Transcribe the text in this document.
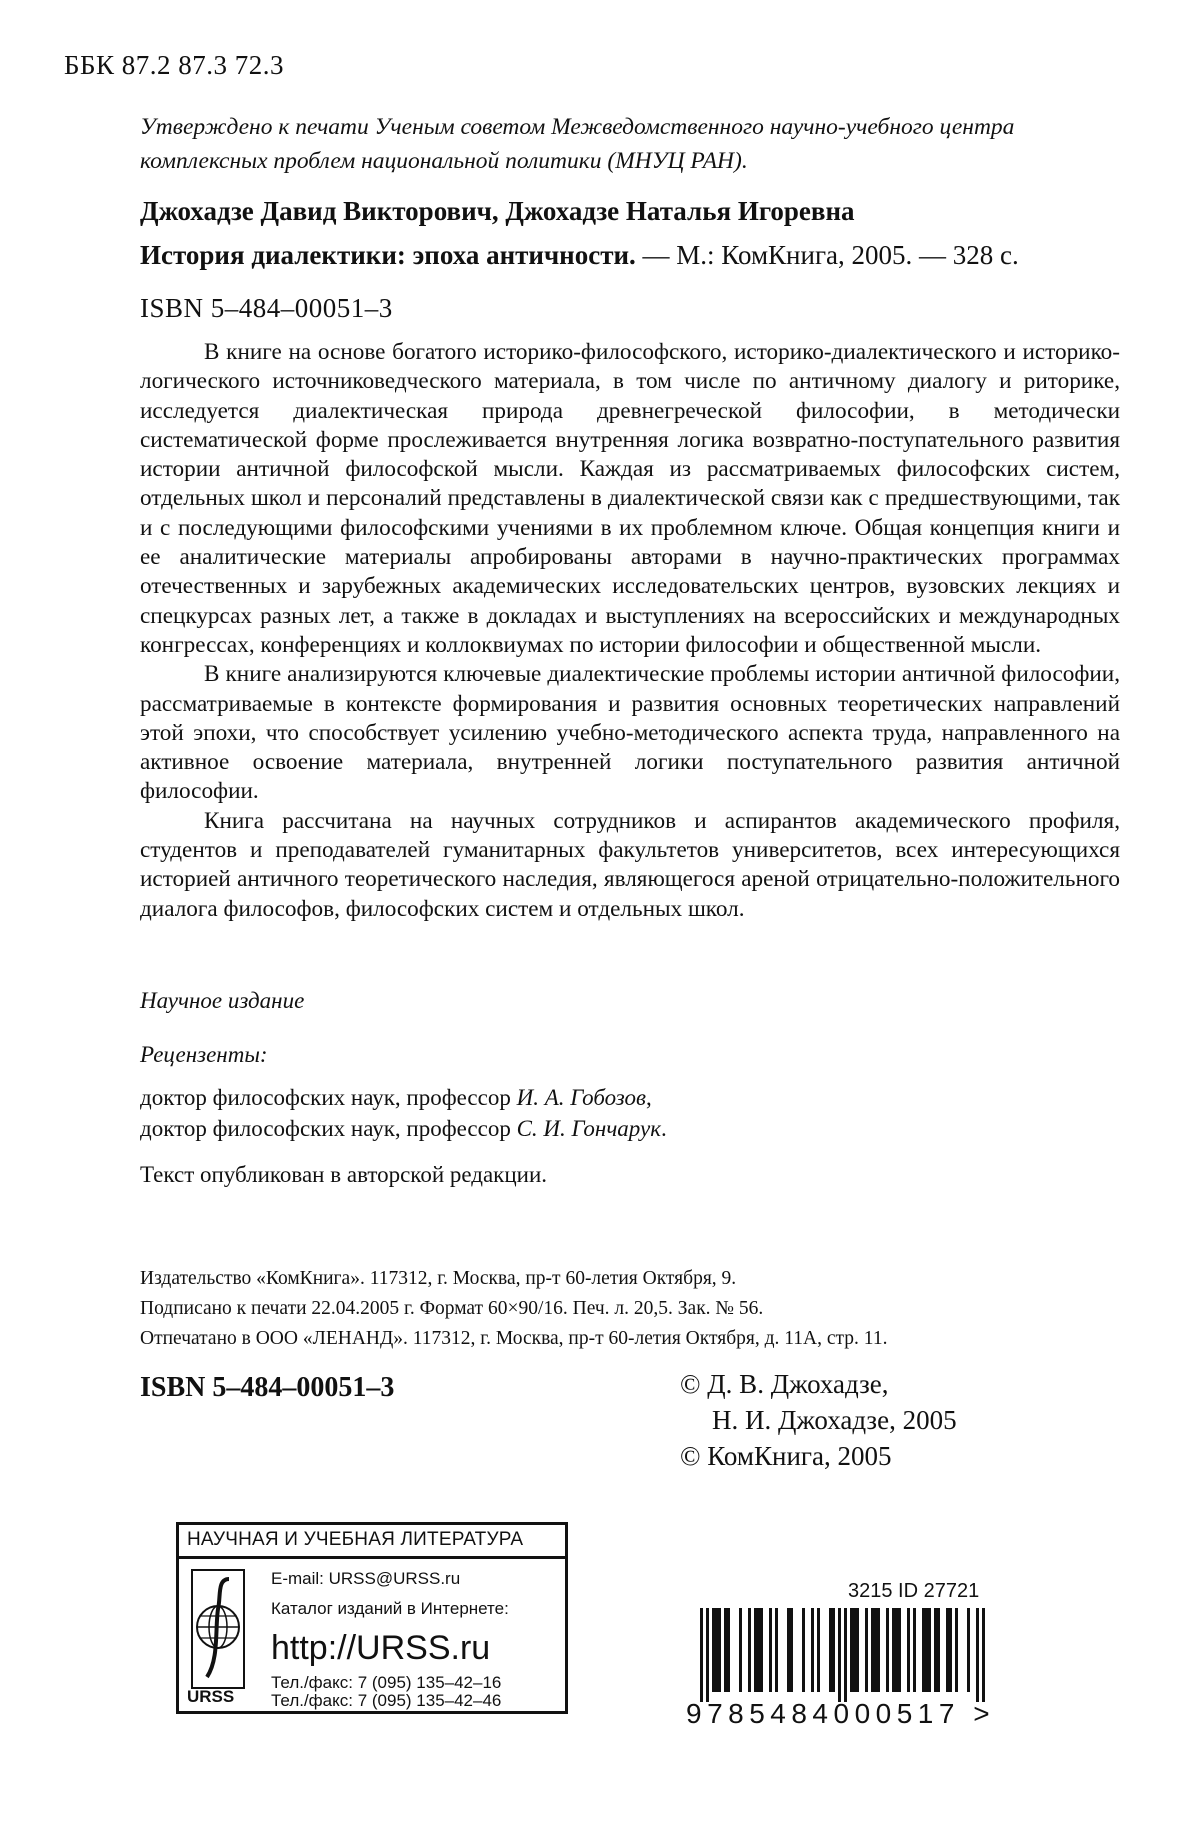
ББК 87.2 87.3 72.3
Утверждено к печати Ученым советом Межведомственного научно-учебного центра комплексных проблем национальной политики (МНУЦ РАН).
Джохадзе Давид Викторович, Джохадзе Наталья Игоревна
История диалектики: эпоха античности. — М.: КомКнига, 2005. — 328 с.
ISBN 5–484–00051–3

В книге на основе богатого историко-философского, историко-диалектического и историко-логического источниковедческого материала, в том числе по античному диалогу и риторике, исследуется диалектическая природа древнегреческой философии, в методически систематической форме прослеживается внутренняя логика возвратно-поступательного развития истории античной философской мысли. Каждая из рассматриваемых философских систем, отдельных школ и персоналий представлены в диалектической связи как с предшествующими, так и с последующими философскими учениями в их проблемном ключе. Общая концепция книги и ее аналитические материалы апробированы авторами в научно-практических программах отечественных и зарубежных академических исследовательских центров, вузовских лекциях и спецкурсах разных лет, а также в докладах и выступлениях на всероссийских и международных конгрессах, конференциях и коллоквиумах по истории философии и общественной мысли.

В книге анализируются ключевые диалектические проблемы истории античной философии, рассматриваемые в контексте формирования и развития основных теоретических направлений этой эпохи, что способствует усилению учебно-методического аспекта труда, направленного на активное освоение материала, внутренней логики поступательного развития античной философии.

Книга рассчитана на научных сотрудников и аспирантов академического профиля, студентов и преподавателей гуманитарных факультетов университетов, всех интересующихся историей античного теоретического наследия, являющегося ареной отрицательно-положительного диалога философов, философских систем и отдельных школ.

Научное издание
Рецензенты:
доктор философских наук, профессор И. А. Гобозов,
доктор философских наук, профессор С. И. Гончарук.
Текст опубликован в авторской редакции.
Издательство «КомКнига». 117312, г. Москва, пр-т 60-летия Октября, 9.
Подписано к печати 22.04.2005 г. Формат 60×90/16. Печ. л. 20,5. Зак. № 56.
Отпечатано в ООО «ЛЕНАНД». 117312, г. Москва, пр-т 60-летия Октября, д. 11А, стр. 11.
ISBN 5–484–00051–3	© Д. В. Джохадзе,
Н. И. Джохадзе, 2005
© КомКнига, 2005
НАУЧНАЯ И УЧЕБНАЯ ЛИТЕРАТУРА
URSS
E-mail: URSS@URSS.ru
Каталог изданий в Интернете:
http://URSS.ru
Тел./факс: 7 (095) 135–42–16
Тел./факс: 7 (095) 135–42–46
3215 ID 27721
9785484000517 >
